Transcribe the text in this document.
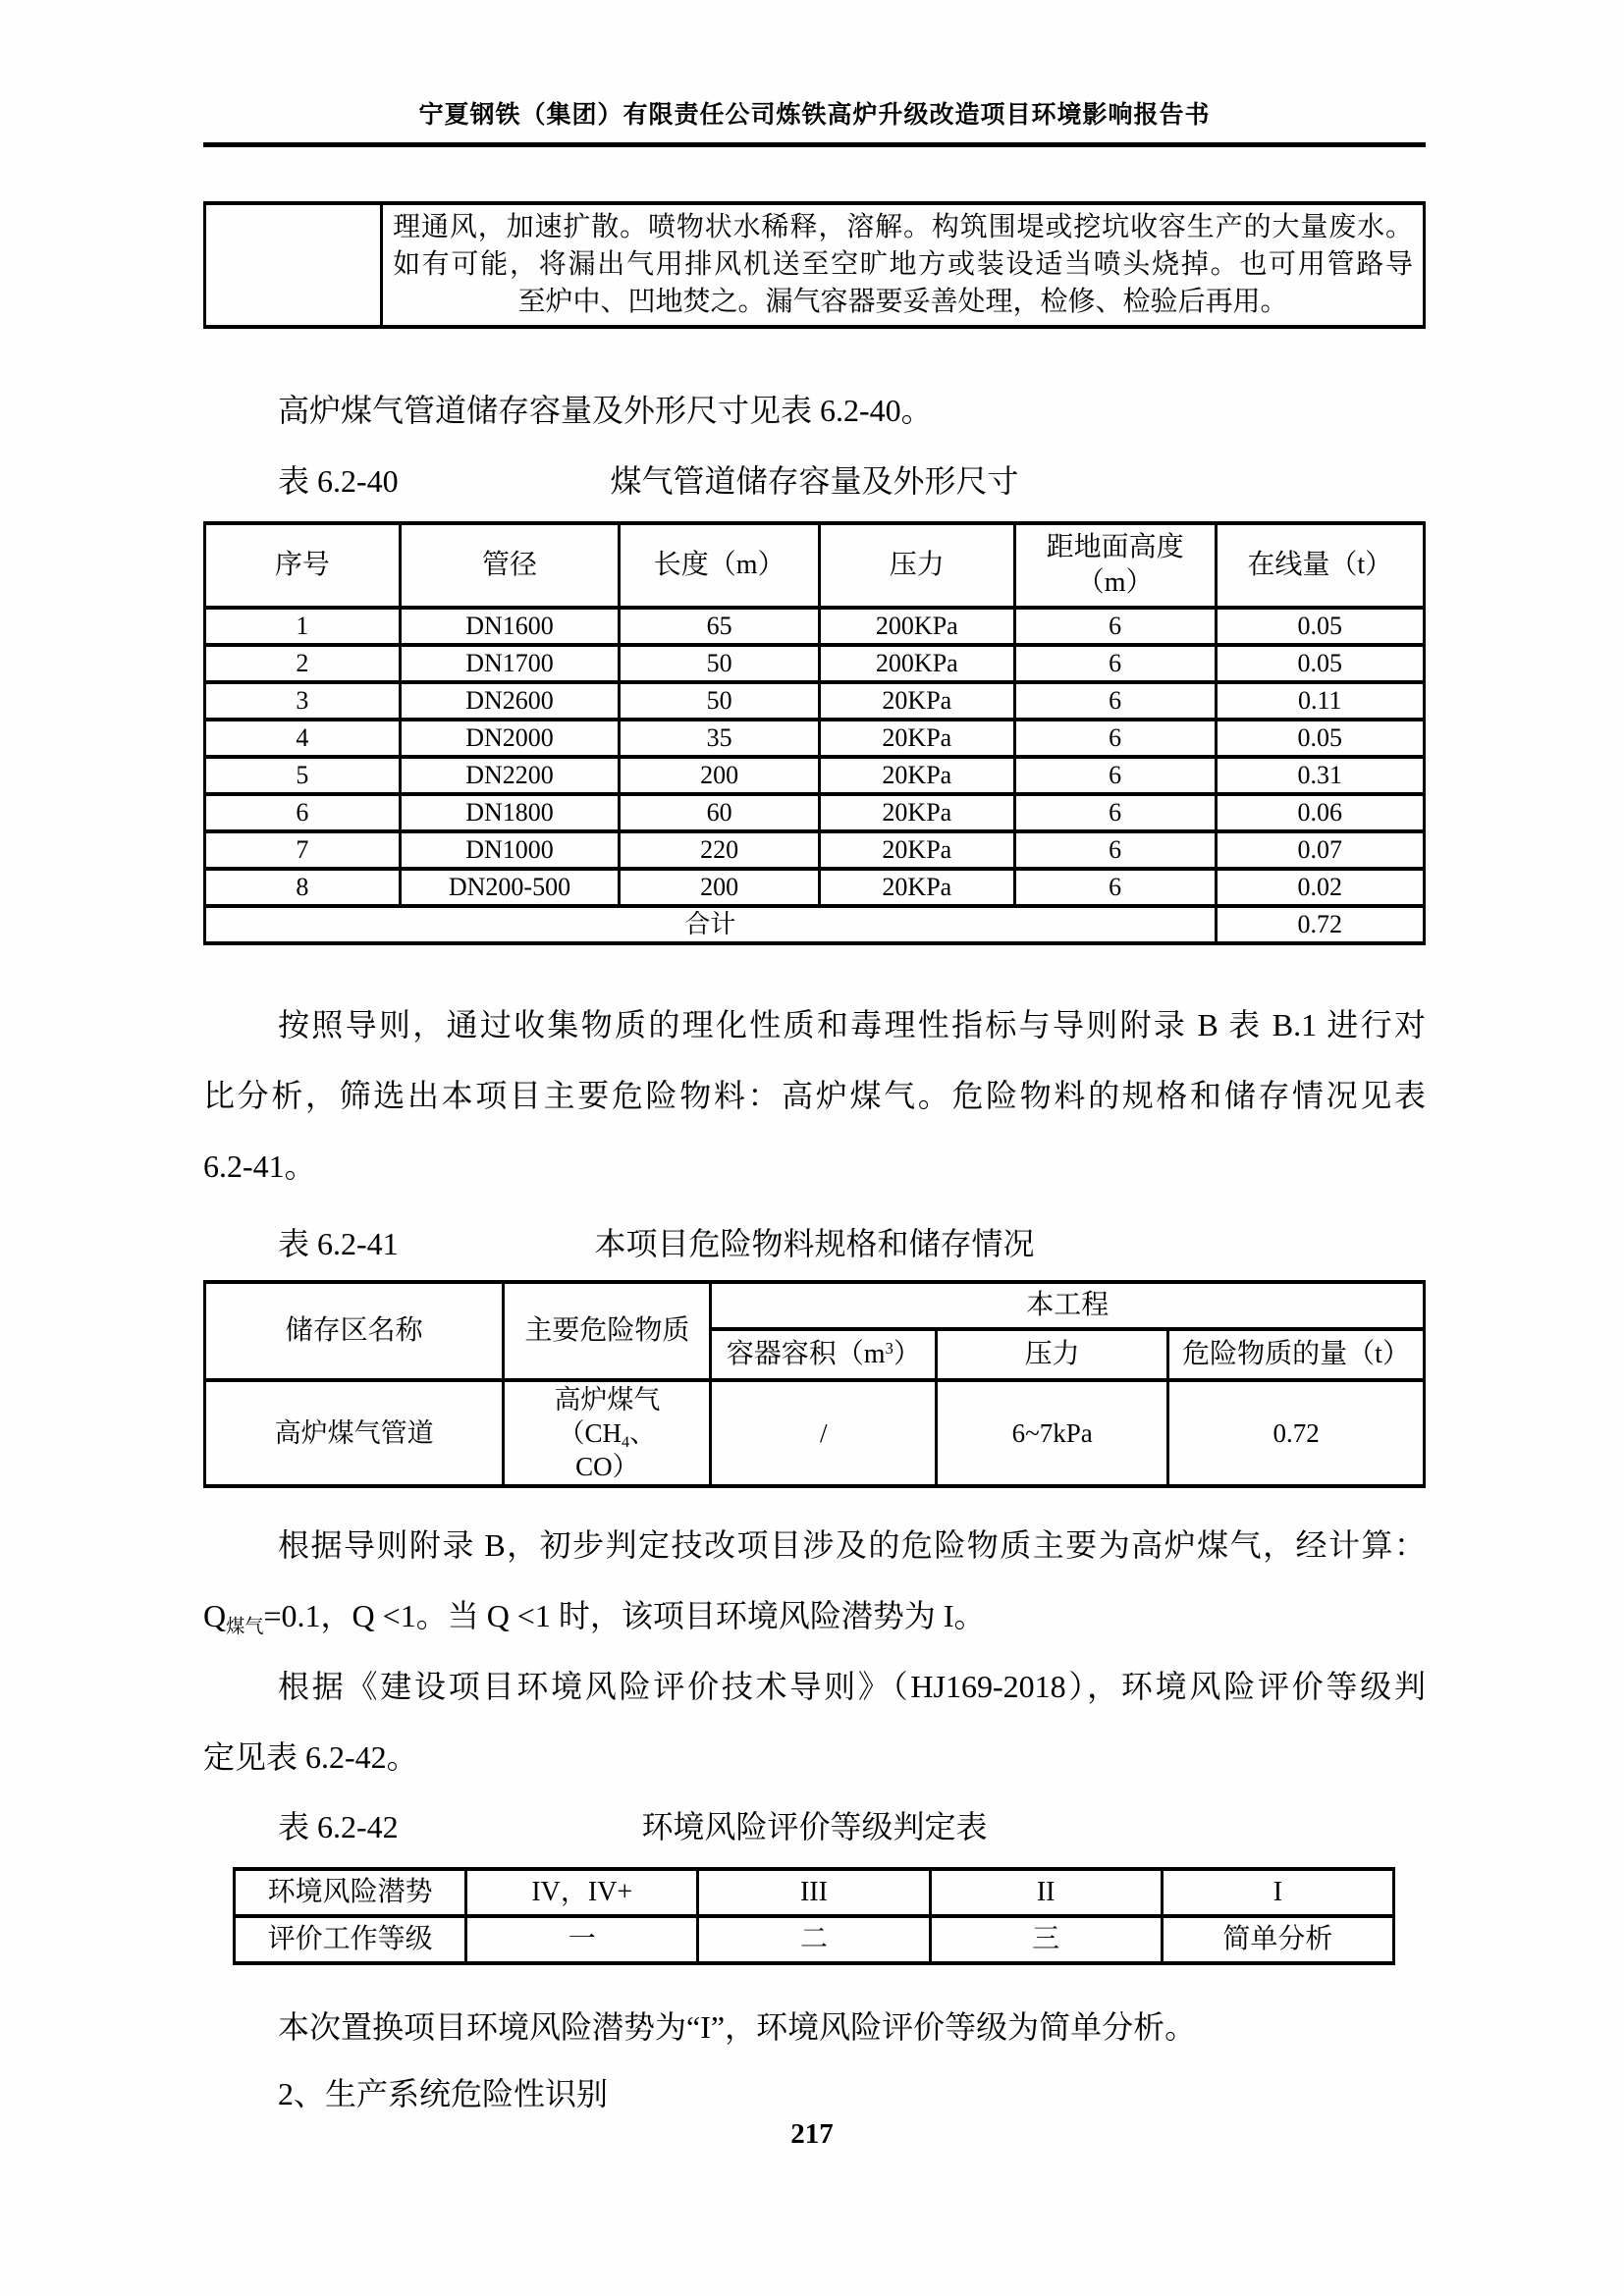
宁夏钢铁（集团）有限责任公司炼铁高炉升级改造项目环境影响报告书

理通风，加速扩散。喷物状水稀释，溶解。构筑围堤或挖坑收容生产的大量废水。
如有可能，将漏出气用排风机送至空旷地方或装设适当喷头烧掉。也可用管路导
至炉中、凹地焚之。漏气容器要妥善处理，检修、检验后再用。

高炉煤气管道储存容量及外形尺寸见表 6.2-40。

表 6.2-40	煤气管道储存容量及外形尺寸
序号	管径	长度（m）	压力	距地面高度（m）	在线量（t）
1	DN1600	65	200KPa	6	0.05
2	DN1700	50	200KPa	6	0.05
3	DN2600	50	20KPa	6	0.11
4	DN2000	35	20KPa	6	0.05
5	DN2200	200	20KPa	6	0.31
6	DN1800	60	20KPa	6	0.06
7	DN1000	220	20KPa	6	0.07
8	DN200-500	200	20KPa	6	0.02
合计					0.72
按照导则，通过收集物质的理化性质和毒理性指标与导则附录 B 表 B.1 进行对
比分析，筛选出本项目主要危险物料：高炉煤气。危险物料的规格和储存情况见表
6.2-41。
表 6.2-41	本项目危险物料规格和储存情况
储存区名称	主要危险物质	本工程		
		容器容积$(m^3)$	压力	危险物质的量（t）
高炉煤气管道	高炉煤气（$CH_4$、
CO）	/	6~7kPa	0.72
根据导则附录 B，初步判定技改项目涉及的危险物质主要为高炉煤气，经计算：
$Q_{煤气}=0.1$，Q <1。当 Q <1 时，该项目环境风险潜势为 I。
根据《建设项目环境风险评价技术导则》（HJ169-2018），环境风险评价等级判
定见表 6.2-42。
表 6.2-42	环境风险评价等级判定表
环境风险潜势	IV，IV+	III	II	I
评价工作等级	一	二	三	简单分析

本次置换项目环境风险潜势为“I”，环境风险评价等级为简单分析。

2、生产系统危险性识别

217
